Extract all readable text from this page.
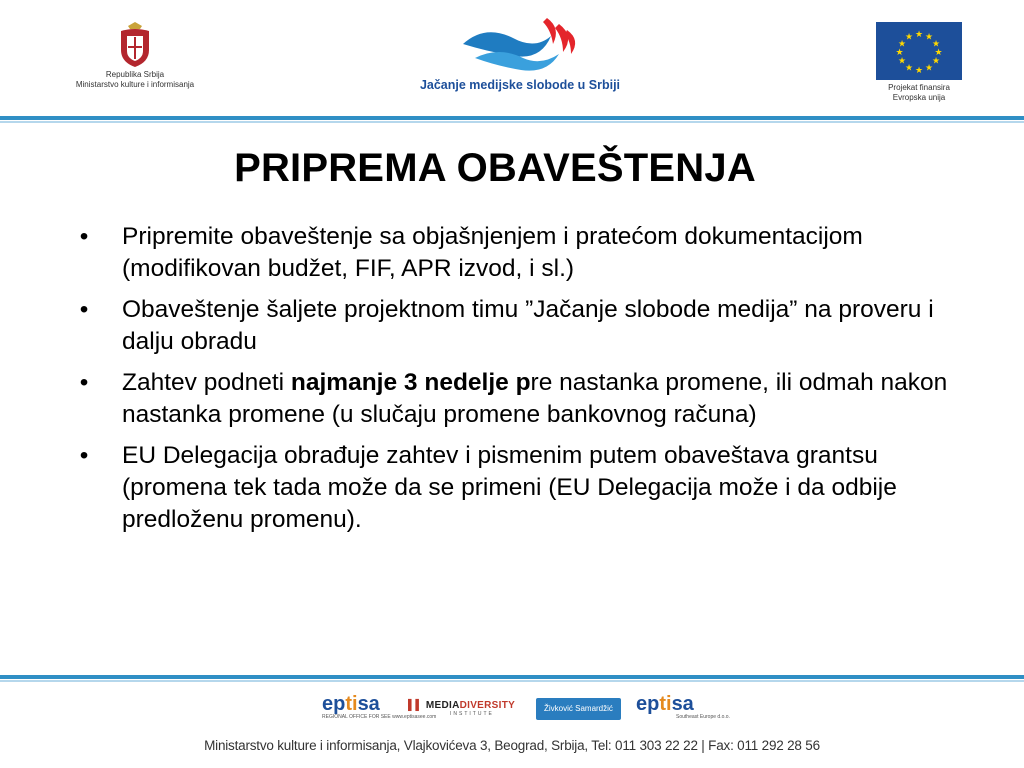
Republika Srbija
Ministarstvo kulture i informisanja	Jačanje medijske slobode u Srbiji
★ ★
★
★
★
★
★
★
★
★
★
★
Projekat finansira
Evropska unija
PRIPREMA OBAVEŠTENJA
• Pripremite obaveštenje sa objašnjenjem i pratećom dokumentacijom (modifikovan budžet, FIF, APR izvod, i sl.)
• Obaveštenje šaljete projektnom timu ”Jačanje slobode medija” na proveru i dalju obradu
• Zahtev podneti najmanje 3 nedelje pre nastanka promene, ili odmah nakon nastanka promene (u slučaju promene bankovnog računa)
• EU Delegacija obrađuje zahtev i pismenim putem obaveštava grantsu (promena tek tada može da se primeni (EU Delegacija može i da odbije predloženu promenu).
eptisa
REGIONAL OFFICE FOR SEE www.eptisasee.com
▌▌ MEDIADIVERSITY
INSTITUTE
Živković Samardžić	eptisa
Southeast Europe d.o.o.
Ministarstvo kulture i informisanja, Vlajkovićeva 3, Beograd, Srbija, Tel: 011 303 22 22 | Fax: 011 292 28 56
